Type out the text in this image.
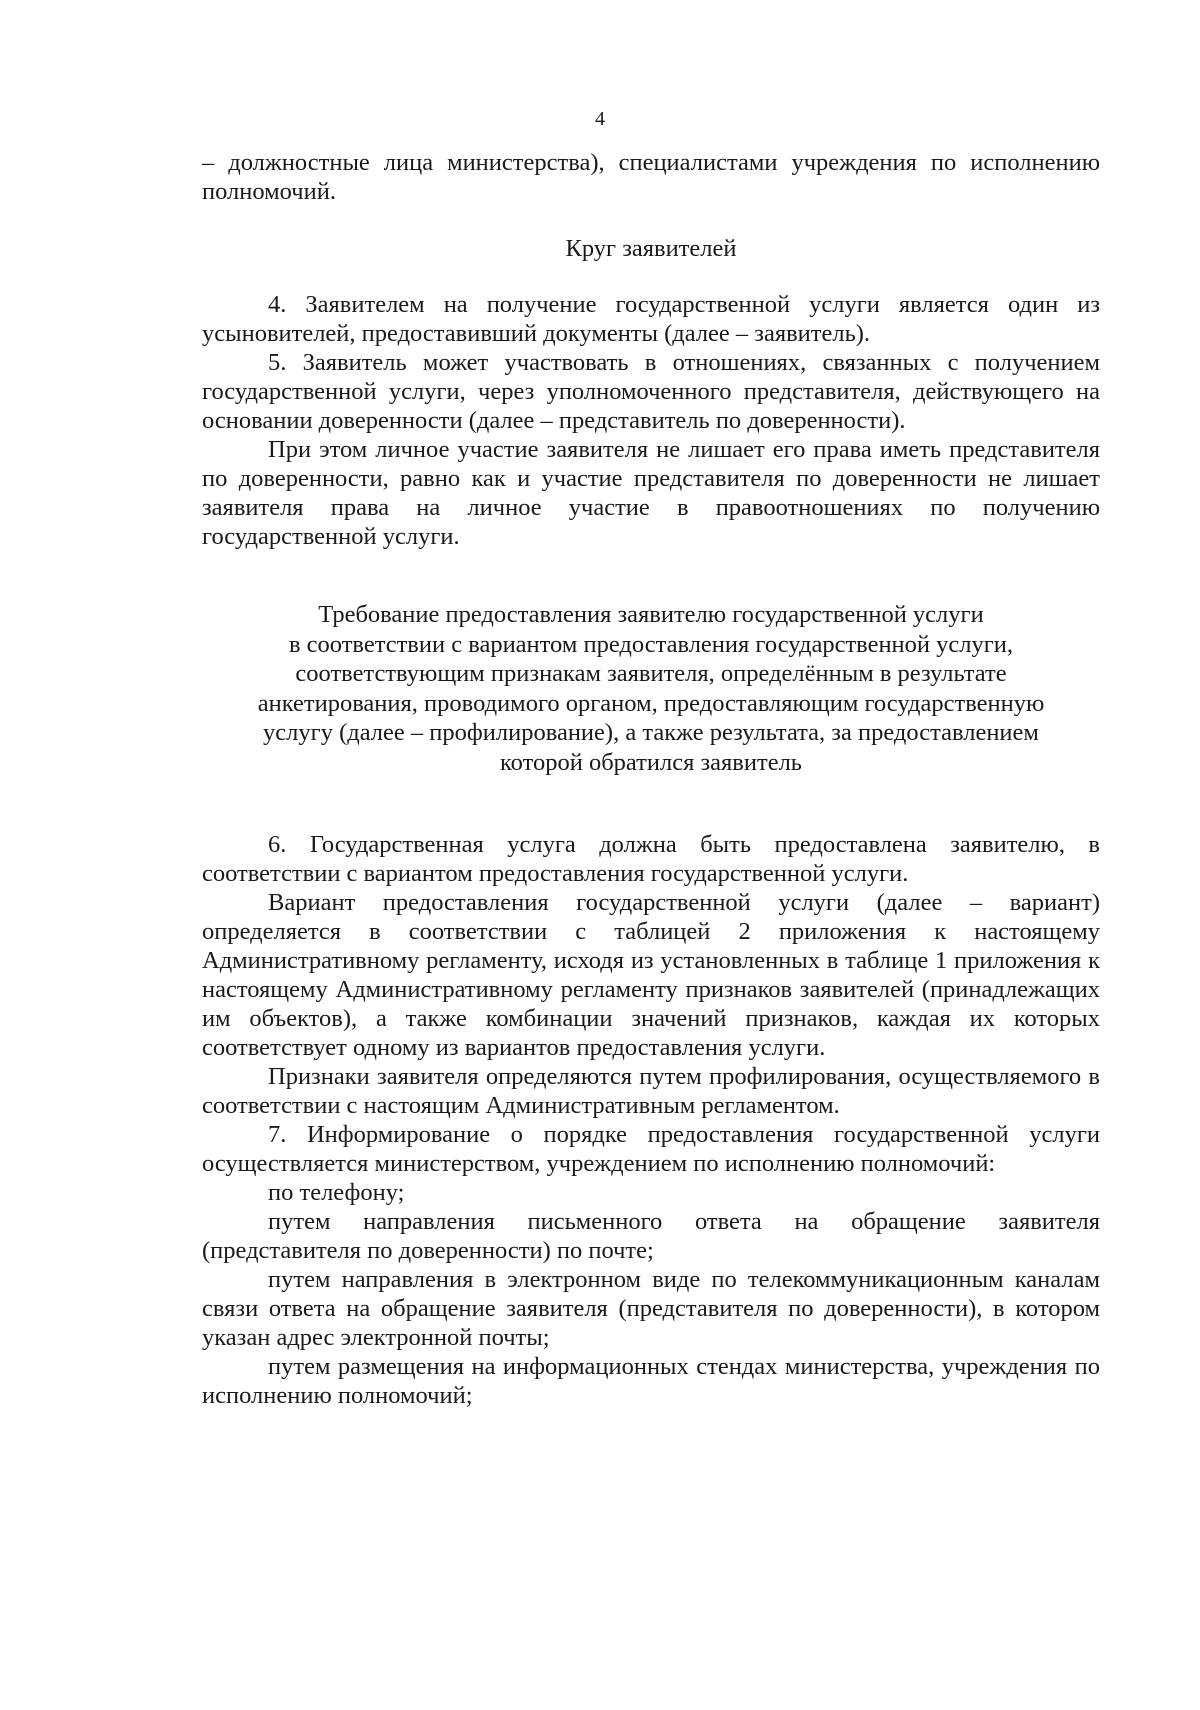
4

– должностные лица министерства), специалистами учреждения по исполнению полномочий.

Круг заявителей

4. Заявителем на получение государственной услуги является один из усыновителей, предоставивший документы (далее – заявитель).

5. Заявитель может участвовать в отношениях, связанных с получением государственной услуги, через уполномоченного представителя, действующего на основании доверенности (далее – представитель по доверенности).

При этом личное участие заявителя не лишает его права иметь представителя по доверенности, равно как и участие представителя по доверенности не лишает заявителя права на личное участие в правоотношениях по получению государственной услуги.

Требование предоставления заявителю государственной услуги
в соответствии с вариантом предоставления государственной услуги,
соответствующим признакам заявителя, определённым в результате
анкетирования, проводимого органом, предоставляющим государственную
услугу (далее – профилирование), а также результата, за предоставлением
которой обратился заявитель

6. Государственная услуга должна быть предоставлена заявителю, в соответствии с вариантом предоставления государственной услуги.

Вариант предоставления государственной услуги (далее – вариант) определяется в соответствии с таблицей 2 приложения к настоящему Административному регламенту, исходя из установленных в таблице 1 приложения к настоящему Административному регламенту признаков заявителей (принадлежащих им объектов), а также комбинации значений признаков, каждая их которых соответствует одному из вариантов предоставления услуги.

Признаки заявителя определяются путем профилирования, осуществляемого в соответствии с настоящим Административным регламентом.

7. Информирование о порядке предоставления государственной услуги осуществляется министерством, учреждением по исполнению полномочий:

по телефону;

путем направления письменного ответа на обращение заявителя (представителя по доверенности) по почте;

путем направления в электронном виде по телекоммуникационным каналам связи ответа на обращение заявителя (представителя по доверенности), в котором указан адрес электронной почты;

путем размещения на информационных стендах министерства, учреждения по исполнению полномочий;
